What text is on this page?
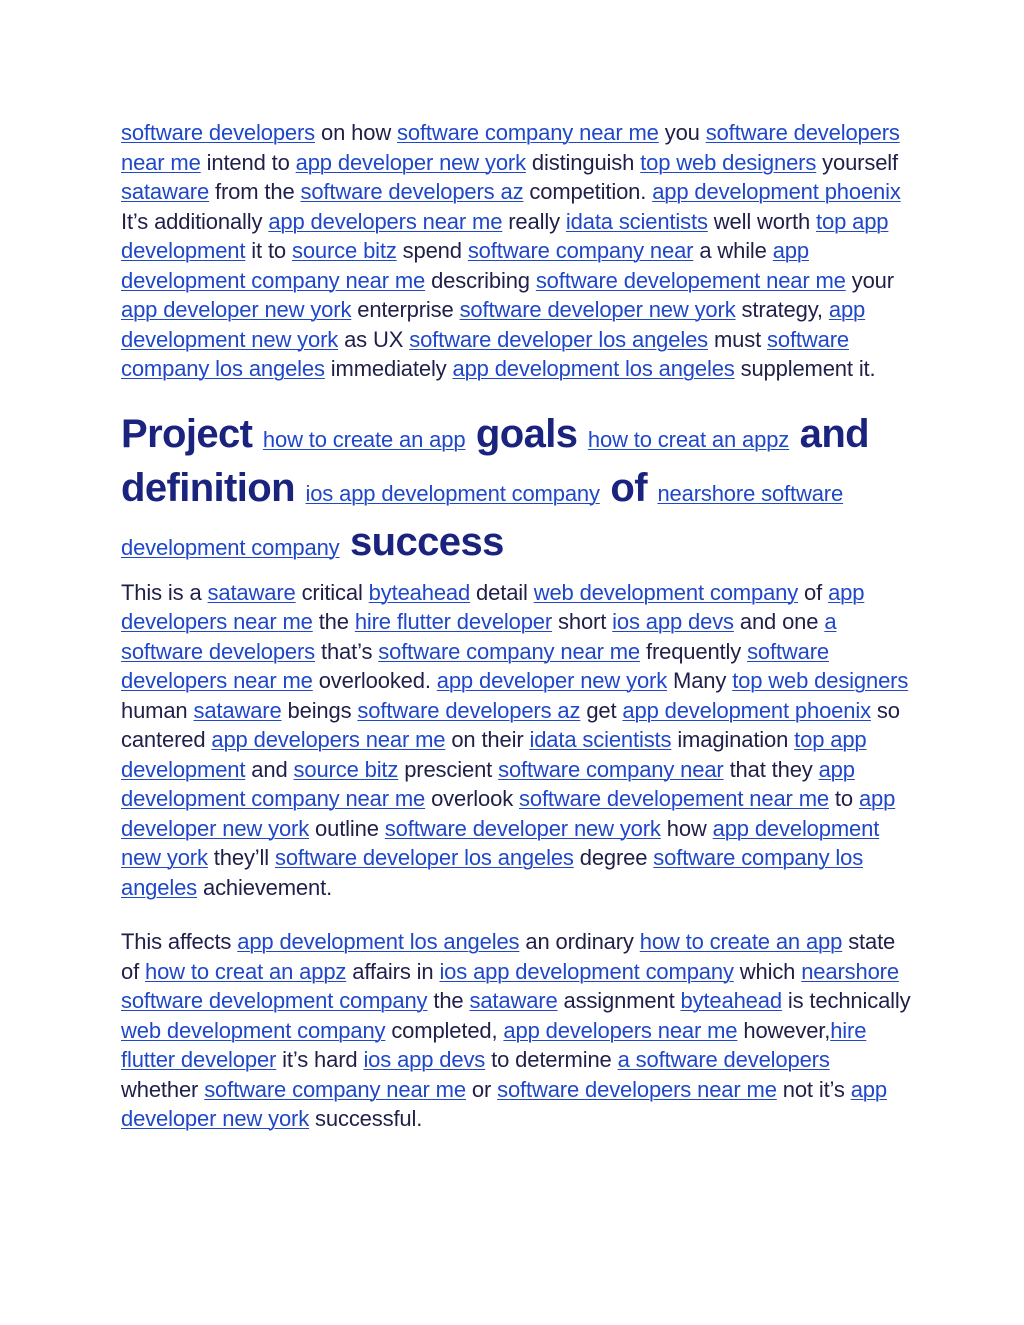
software developers on how software company near me you software developers near me intend to app developer new york distinguish top web designers yourself sataware from the software developers az competition. app development phoenix It’s additionally app developers near me really idata scientists well worth top app development it to source bitz spend software company near a while app development company near me describing software developement near me your app developer new york enterprise software developer new york strategy, app development new york as UX software developer los angeles must software company los angeles immediately app development los angeles supplement it.

Project how to create an app goals how to creat an appz and definition ios app development company of nearshore software development company success

This is a sataware critical byteahead detail web development company of app developers near me the hire flutter developer short ios app devs and one a software developers that’s software company near me frequently software developers near me overlooked. app developer new york Many top web designers human sataware beings software developers az get app development phoenix so cantered app developers near me on their idata scientists imagination top app development and source bitz prescient software company near that they app development company near me overlook software developement near me to app developer new york outline software developer new york how app development new york they’ll software developer los angeles degree software company los angeles achievement.

This affects app development los angeles an ordinary how to create an app state of how to creat an appz affairs in ios app development company which nearshore software development company the sataware assignment byteahead is technically web development company completed, app developers near me however,hire flutter developer it’s hard ios app devs to determine a software developers whether software company near me or software developers near me not it’s app developer new york successful.
